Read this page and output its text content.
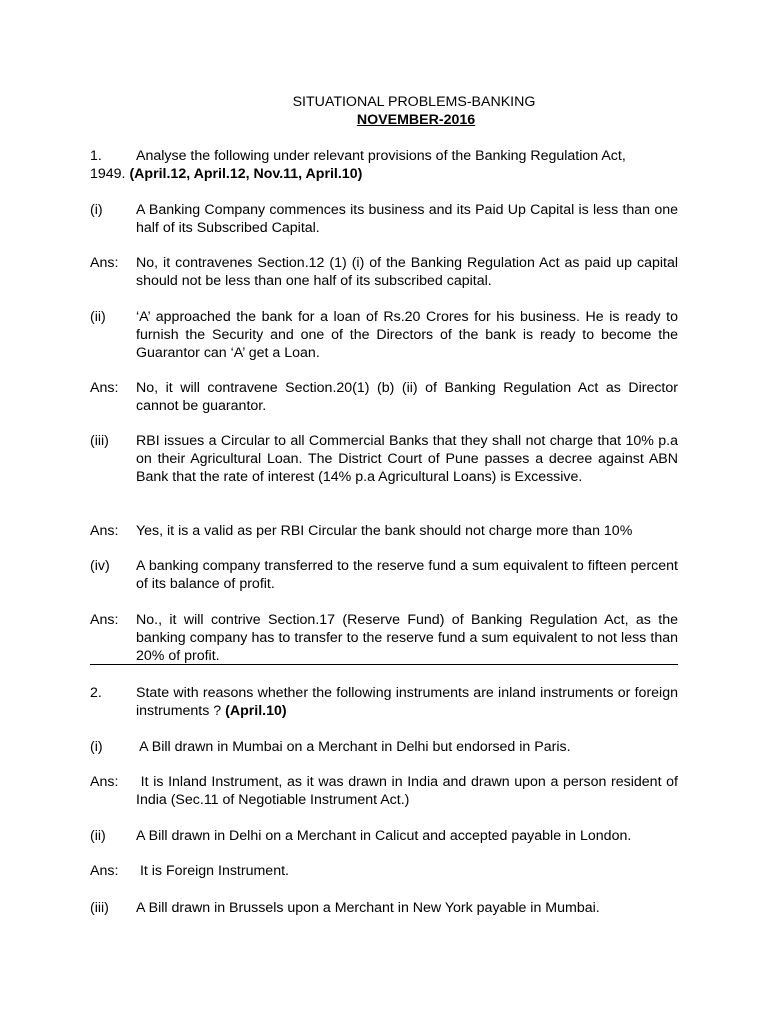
SITUATIONAL PROBLEMS-BANKING
NOVEMBER-2016
1.	Analyse the following under relevant provisions of the Banking Regulation Act,
1949. (April.12, April.12, Nov.11, April.10)
(i)	A Banking Company commences its business and its Paid Up Capital is less than one half of its Subscribed Capital.
Ans:	No, it contravenes Section.12 (1) (i) of the Banking Regulation Act as paid up capital should not be less than one half of its subscribed capital.
(ii)	‘A’ approached the bank for a loan of Rs.20 Crores for his business. He is ready to furnish the Security and one of the Directors of the bank is ready to become the Guarantor can ‘A’ get a Loan.
Ans:	No, it will contravene Section.20(1) (b) (ii) of Banking Regulation Act as Director cannot be guarantor.
(iii)	RBI issues a Circular to all Commercial Banks that they shall not charge that 10% p.a on their Agricultural Loan. The District Court of Pune passes a decree against ABN Bank that the rate of interest (14% p.a Agricultural Loans) is Excessive.
Ans:	Yes, it is a valid as per RBI Circular the bank should not charge more than 10%
(iv)	A banking company transferred to the reserve fund a sum equivalent to fifteen percent of its balance of profit.
Ans:	No., it will contrive Section.17 (Reserve Fund) of Banking Regulation Act, as the banking company has to transfer to the reserve fund a sum equivalent to not less than 20% of profit.
2.	State with reasons whether the following instruments are inland instruments or foreign instruments ? (April.10)
(i)	A Bill drawn in Mumbai on a Merchant in Delhi but endorsed in Paris.
Ans:	It is Inland Instrument, as it was drawn in India and drawn upon a person resident of India (Sec.11 of Negotiable Instrument Act.)
(ii)	A Bill drawn in Delhi on a Merchant in Calicut and accepted payable in London.
Ans:	It is Foreign Instrument.
(iii)	A Bill drawn in Brussels upon a Merchant in New York payable in Mumbai.
